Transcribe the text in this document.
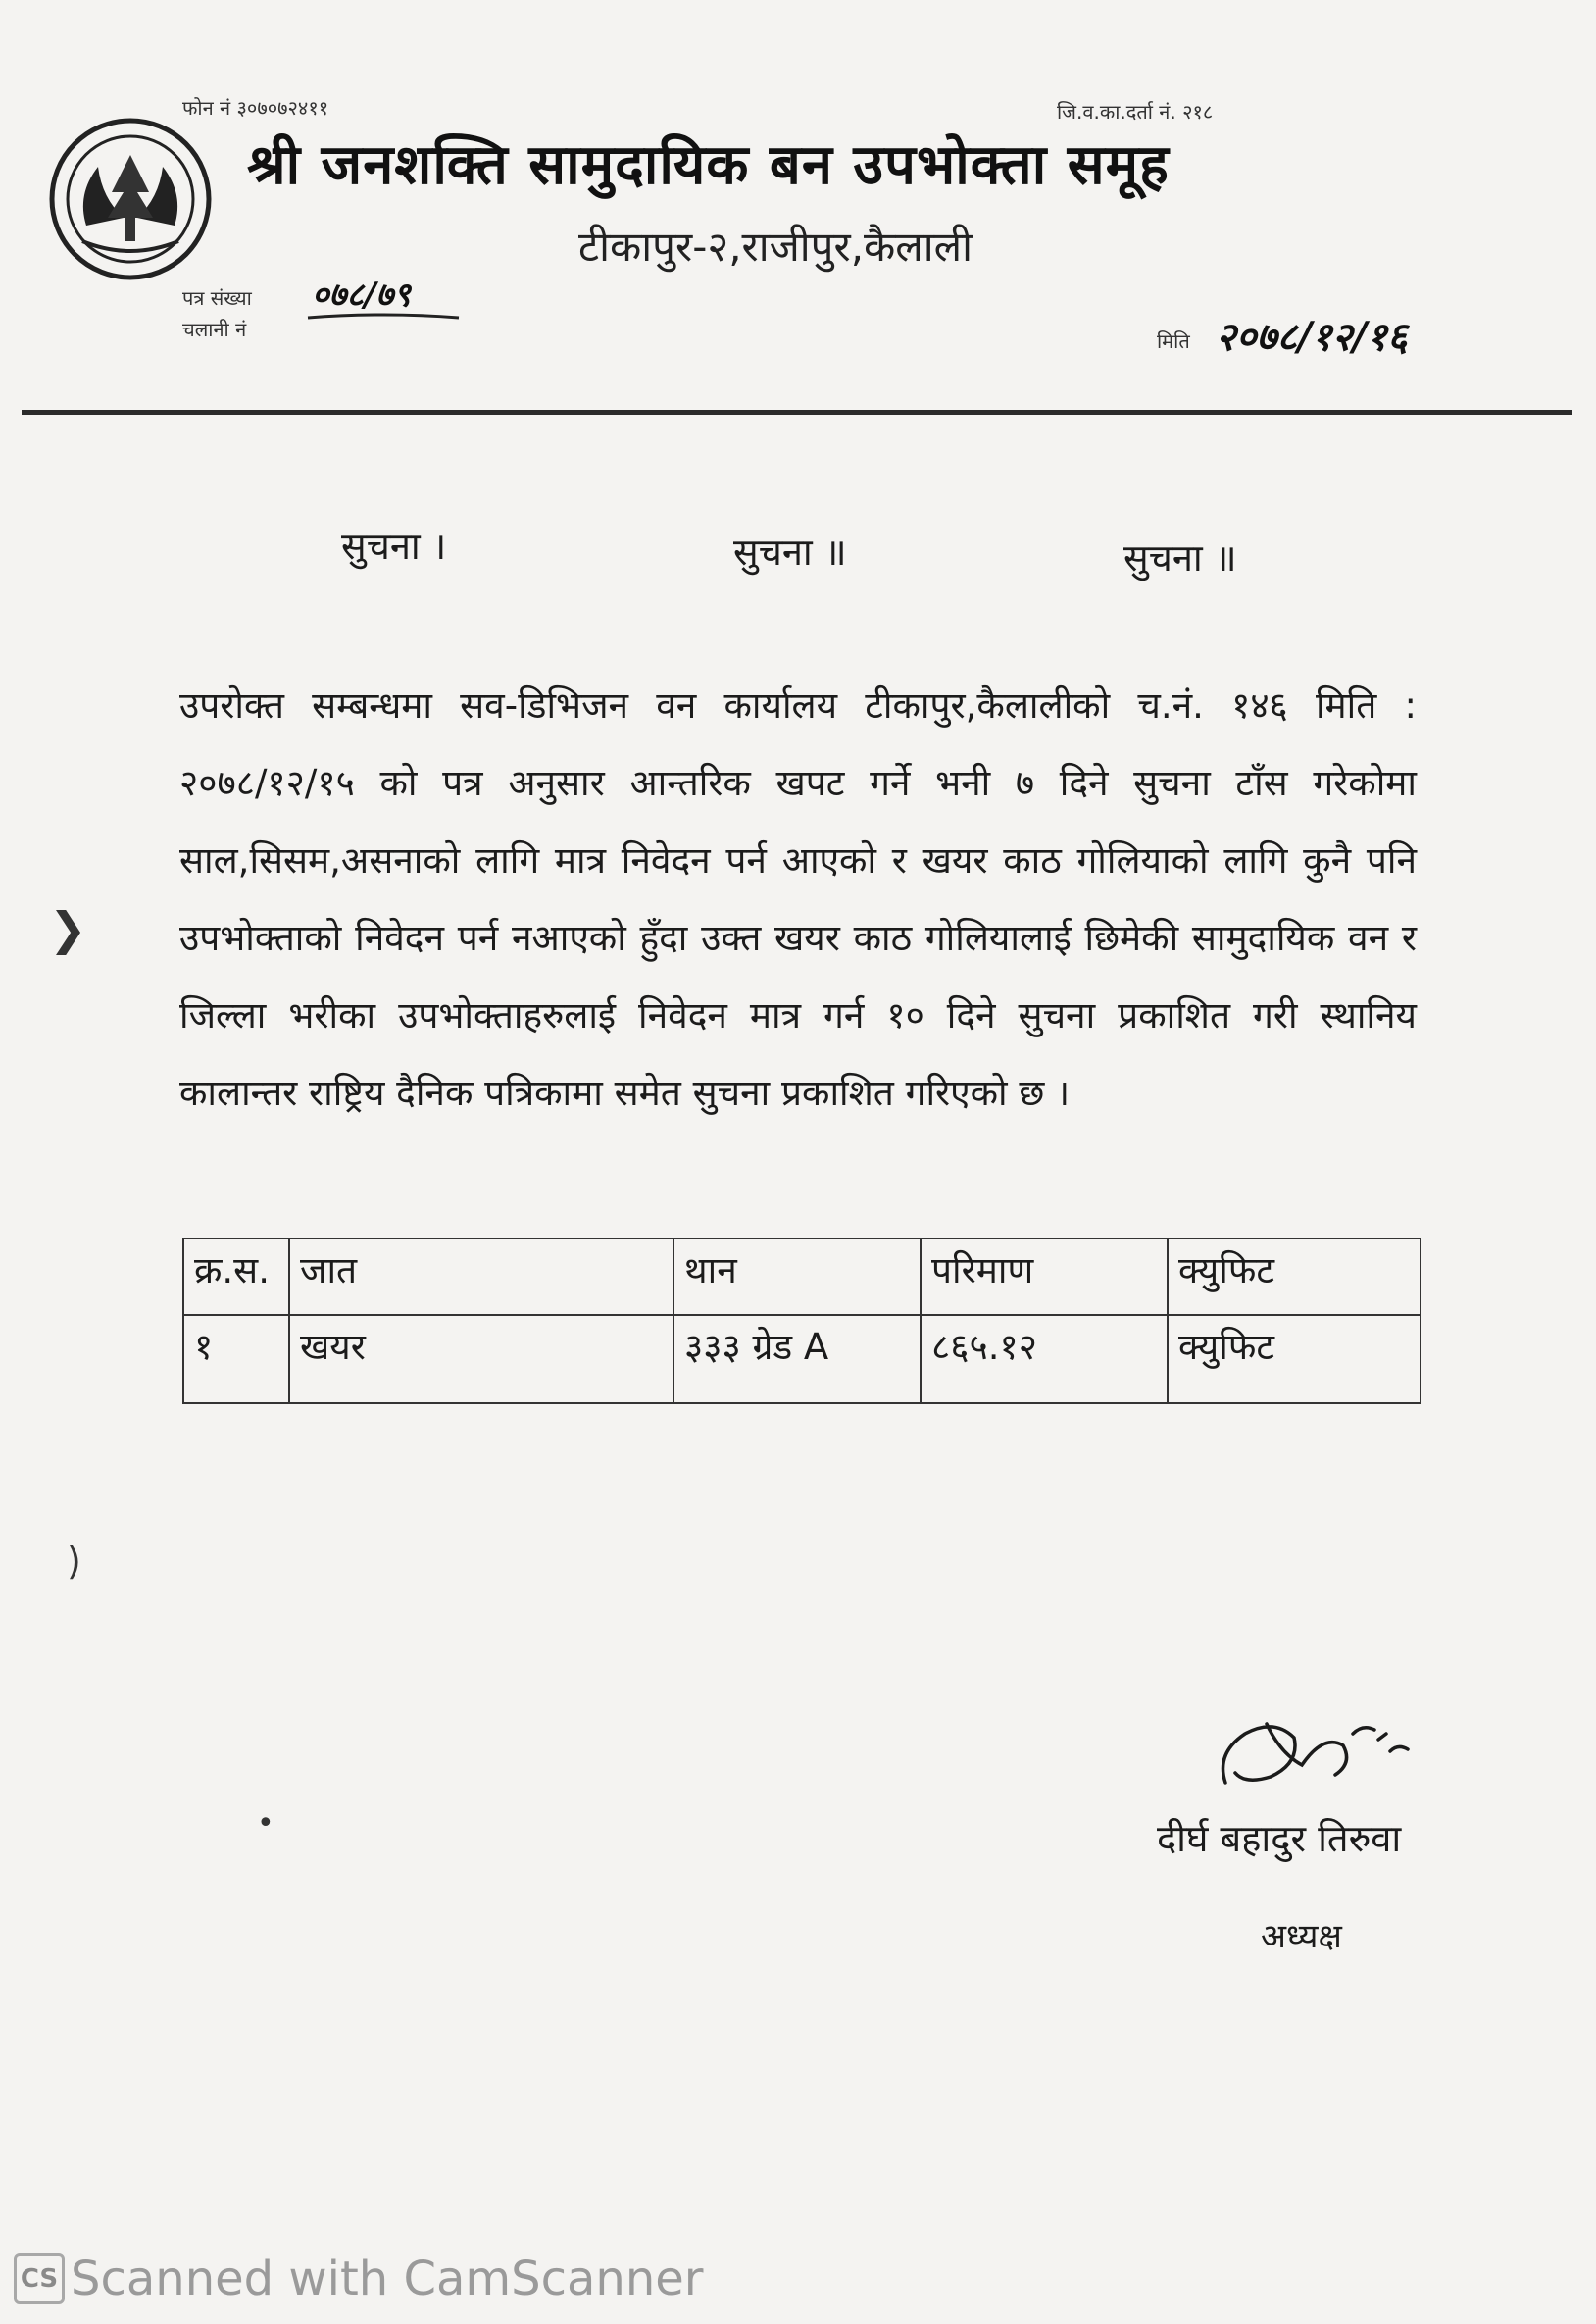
फोन नं ३०७०७२४११	जि.व.का.दर्ता नं. २१८
श्री जनशक्ति सामुदायिक बन उपभोक्ता समूह
टीकापुर-२,राजीपुर,कैलाली
पत्र संख्या ०७८/७९
चलानी नं	मिति २०७८/१२/१६
सुचना ।	सुचना ॥	सुचना ॥
उपरोक्त सम्बन्धमा सव-डिभिजन वन कार्यालय टीकापुर,कैलालीको च.नं. १४६ मिति : २०७८/१२/१५ को पत्र अनुसार आन्तरिक खपट गर्ने भनी ७ दिने सुचना टाँस गरेकोमा साल,सिसम,असनाको लागि मात्र निवेदन पर्न आएको र खयर काठ गोलियाको लागि कुनै पनि उपभोक्ताको निवेदन पर्न नआएको हुँदा उक्त खयर काठ गोलियालाई छिमेकी सामुदायिक वन र जिल्ला भरीका उपभोक्ताहरुलाई निवेदन मात्र गर्न १० दिने सुचना प्रकाशित गरी स्थानिय कालान्तर राष्ट्रिय दैनिक पत्रिकामा समेत सुचना प्रकाशित गरिएको छ ।
❯
)
•
क्र.स.	जात	थान	परिमाण	क्युफिट
१	खयर	३३३ ग्रेड A	८६५.१२	क्युफिट
दीर्घ बहादुर तिरुवा
अध्यक्ष
CS Scanned with CamScanner
